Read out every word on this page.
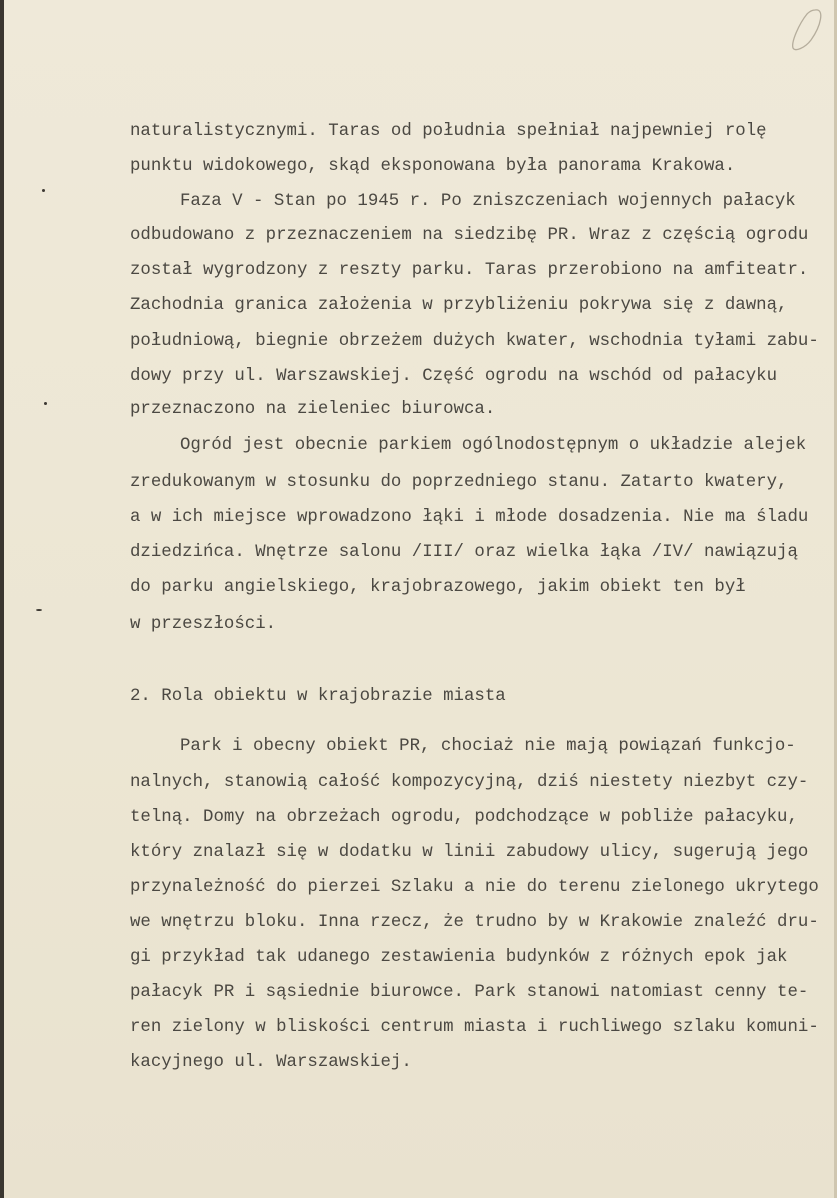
naturalistycznymi. Taras od południa spełniał najpewniej rolę
punktu widokowego, skąd eksponowana była panorama Krakowa.
Faza V - Stan po 1945 r. Po zniszczeniach wojennych pałacyk
odbudowano z przeznaczeniem na siedzibę PR. Wraz z częścią ogrodu
został wygrodzony z reszty parku. Taras przerobiono na amfiteatr.
Zachodnia granica założenia w przybliżeniu pokrywa się z dawną,
południową, biegnie obrzeżem dużych kwater, wschodnia tyłami zabu-
dowy przy ul. Warszawskiej. Część ogrodu na wschód od pałacyku
przeznaczono na zieleniec biurowca.
Ogród jest obecnie parkiem ogólnodostępnym o układzie alejek
zredukowanym w stosunku do poprzedniego stanu. Zatarto kwatery,
a w ich miejsce wprowadzono łąki i młode dosadzenia. Nie ma śladu
dziedzińca. Wnętrze salonu /III/ oraz wielka łąka /IV/ nawiązują
do parku angielskiego, krajobrazowego, jakim obiekt ten był
w przeszłości.
2. Rola obiektu w krajobrazie miasta
Park i obecny obiekt PR, chociaż nie mają powiązań funkcjo-
nalnych, stanowią całość kompozycyjną, dziś niestety niezbyt czy-
telną. Domy na obrzeżach ogrodu, podchodzące w pobliże pałacyku,
który znalazł się w dodatku w linii zabudowy ulicy, sugerują jego
przynależność do pierzei Szlaku a nie do terenu zielonego ukrytego
we wnętrzu bloku. Inna rzecz, że trudno by w Krakowie znaleźć dru-
gi przykład tak udanego zestawienia budynków z różnych epok jak
pałacyk PR i sąsiednie biurowce. Park stanowi natomiast cenny te-
ren zielony w bliskości centrum miasta i ruchliwego szlaku komuni-
kacyjnego ul. Warszawskiej.
